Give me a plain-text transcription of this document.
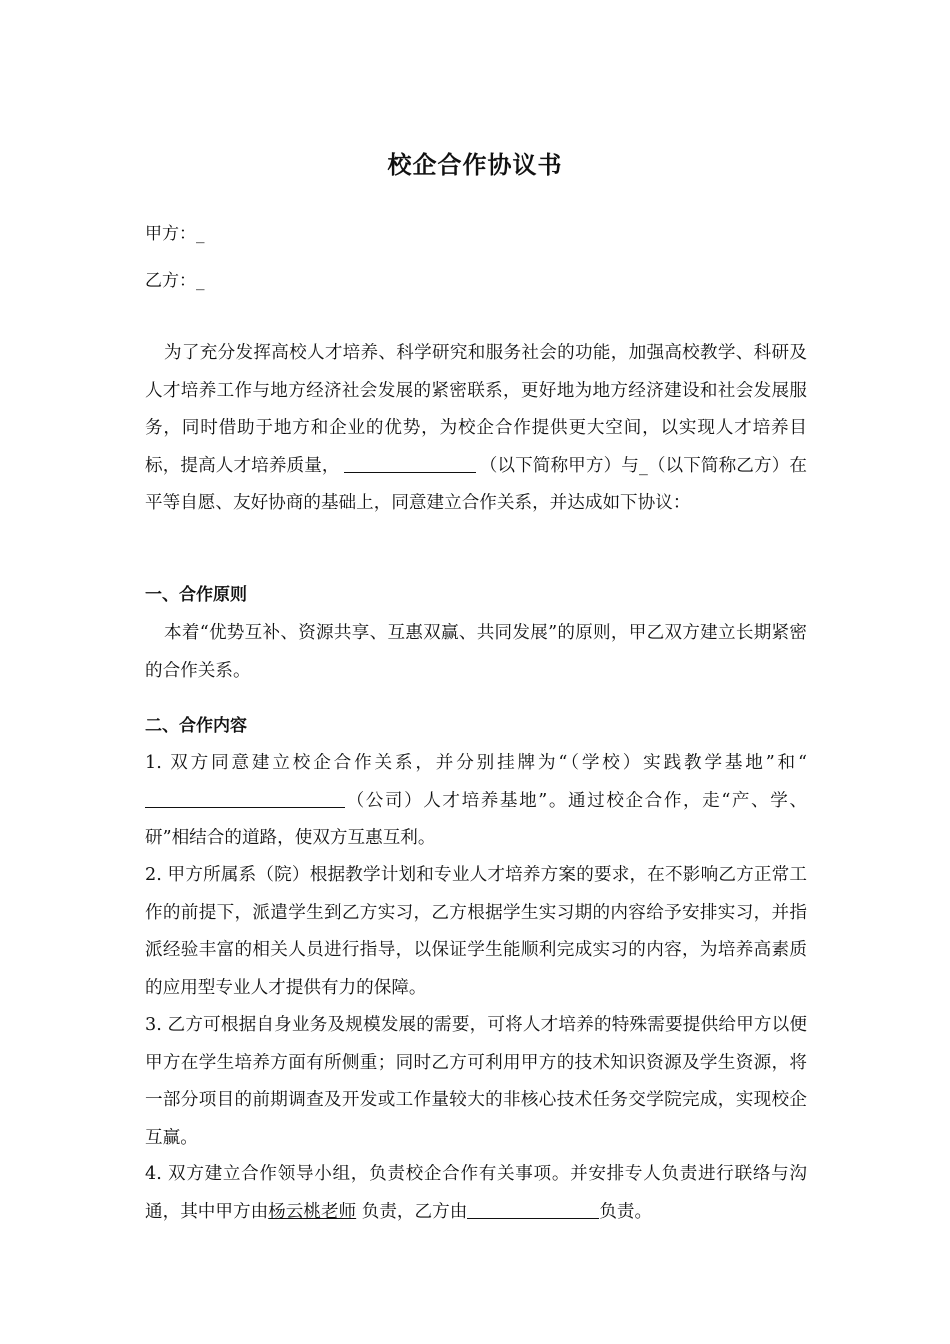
校企合作协议书
甲方：_
乙方：_
为了充分发挥高校人才培养、科学研究和服务社会的功能，加强高校教学、科研及人才培养工作与地方经济社会发展的紧密联系，更好地为地方经济建设和社会发展服务，同时借助于地方和企业的优势，为校企合作提供更大空间，以实现人才培养目标，提高人才培养质量，	（以下简称甲方）与_（以下简称乙方）在平等自愿、友好协商的基础上，同意建立合作关系，并达成如下协议：
一、合作原则
本着“优势互补、资源共享、互惠双赢、共同发展”的原则，甲乙双方建立长期紧密的合作关系。
二、合作内容
1. 双方同意建立校企合作关系，并分别挂牌为“（学校）实践教学基地”和“（公司）人才培养基地”。通过校企合作，走“产、学、研”相结合的道路，使双方互惠互利。
2. 甲方所属系（院）根据教学计划和专业人才培养方案的要求，在不影响乙方正常工作的前提下，派遣学生到乙方实习，乙方根据学生实习期的内容给予安排实习，并指派经验丰富的相关人员进行指导，以保证学生能顺利完成实习的内容，为培养高素质的应用型专业人才提供有力的保障。
3. 乙方可根据自身业务及规模发展的需要，可将人才培养的特殊需要提供给甲方以便甲方在学生培养方面有所侧重；同时乙方可利用甲方的技术知识资源及学生资源，将一部分项目的前期调查及开发或工作量较大的非核心技术任务交学院完成，实现校企互赢。
4. 双方建立合作领导小组，负责校企合作有关事项。并安排专人负责进行联络与沟通，其中甲方由杨云桃老师 负责，乙方由	负责。
